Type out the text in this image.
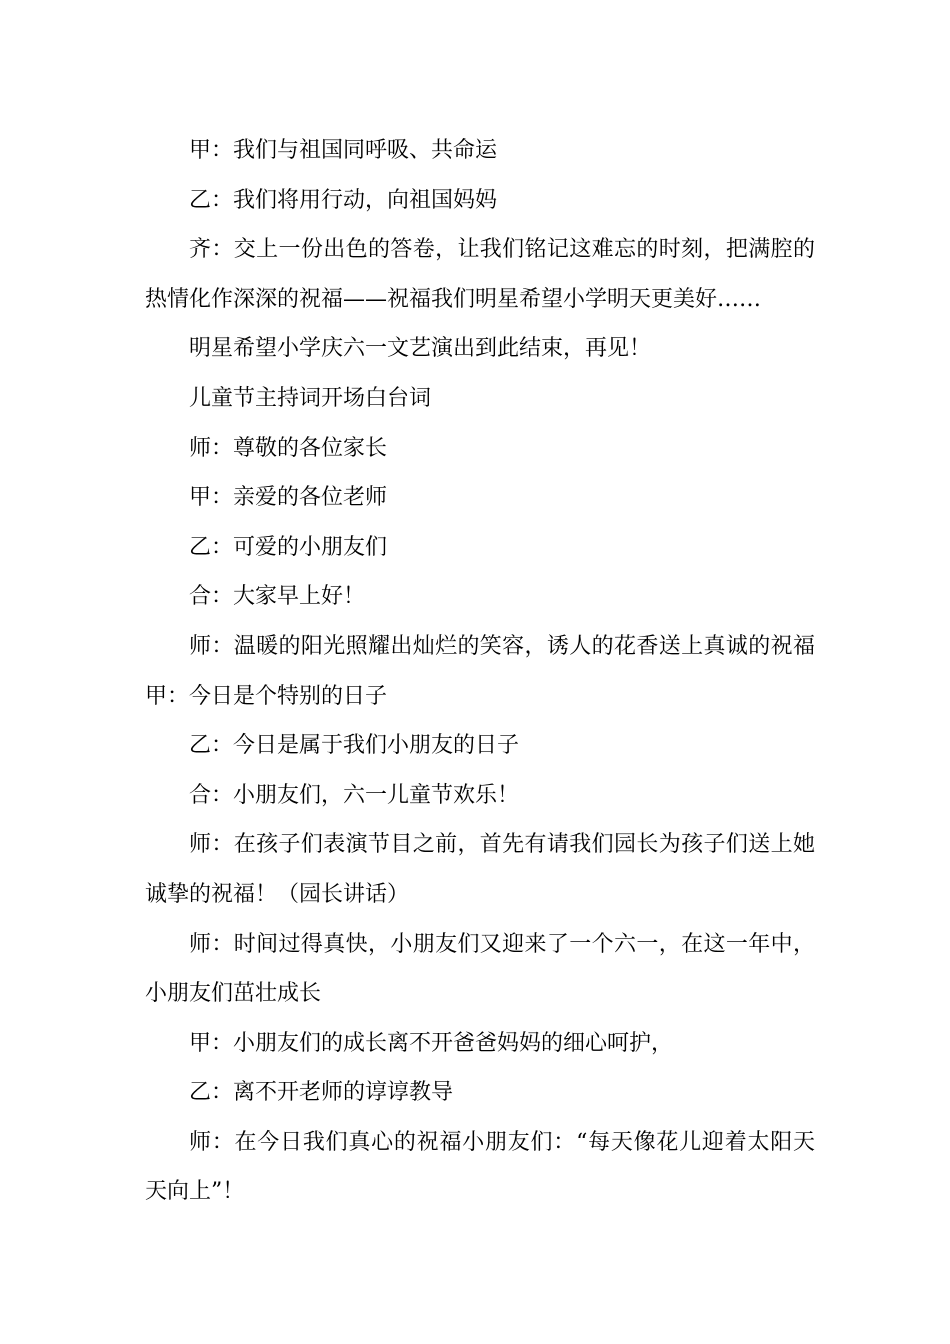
甲：我们与祖国同呼吸、共命运

乙：我们将用行动，向祖国妈妈

齐：交上一份出色的答卷，让我们铭记这难忘的时刻，把满腔的热情化作深深的祝福——祝福我们明星希望小学明天更美好……

明星希望小学庆六一文艺演出到此结束，再见！

儿童节主持词开场白台词

师：尊敬的各位家长

甲：亲爱的各位老师

乙：可爱的小朋友们

合：大家早上好！

师：温暖的阳光照耀出灿烂的笑容，诱人的花香送上真诚的祝福甲：今日是个特别的日子

乙：今日是属于我们小朋友的日子

合：小朋友们，六一儿童节欢乐！

师：在孩子们表演节目之前，首先有请我们园长为孩子们送上她诚挚的祝福！（园长讲话）

师：时间过得真快，小朋友们又迎来了一个六一，在这一年中，小朋友们茁壮成长

甲：小朋友们的成长离不开爸爸妈妈的细心呵护，

乙：离不开老师的谆谆教导

师：在今日我们真心的祝福小朋友们：“每天像花儿迎着太阳天天向上”！
